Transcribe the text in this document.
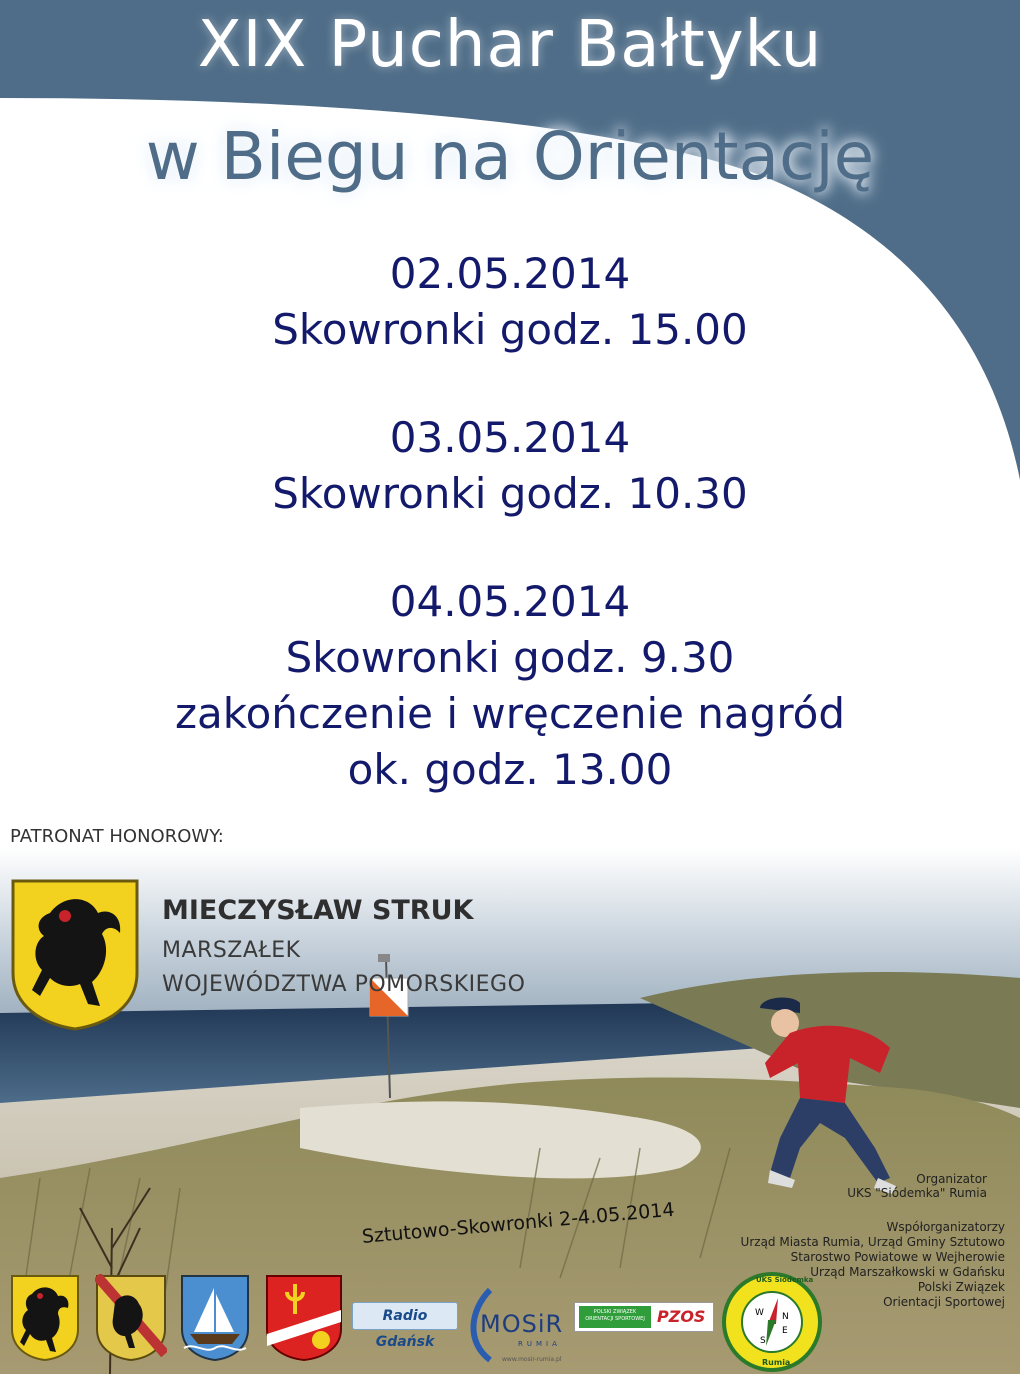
XIX Puchar Bałtyku
w Biegu na Orientację
02.05.2014
Skowronki godz. 15.00
03.05.2014
Skowronki godz. 10.30
04.05.2014
Skowronki godz. 9.30
zakończenie i wręczenie nagród
ok. godz. 13.00
PATRONAT HONOROWY:
MIECZYSŁAW STRUK
MARSZAŁEK
WOJEWÓDZTWA POMORSKIEGO
Sztutowo-Skowronki 2-4.05.2014
Organizator
UKS "Siódemka" Rumia
Współorganizatorzy
Urząd Miasta Rumia, Urząd Gminy Sztutowo
Starostwo Powiatowe w Wejherowie
Urząd Marszałkowski w Gdańsku
Polski Związek
Orientacji Sportowej
Radio Gdańsk
MOSiR
RUMIA
www.mosir-rumia.pl
POLSKI ZWIĄZEK ORIENTACJI SPORTOWEJ PZOS
UKS Siódemka
Rumia
W N
E
S
